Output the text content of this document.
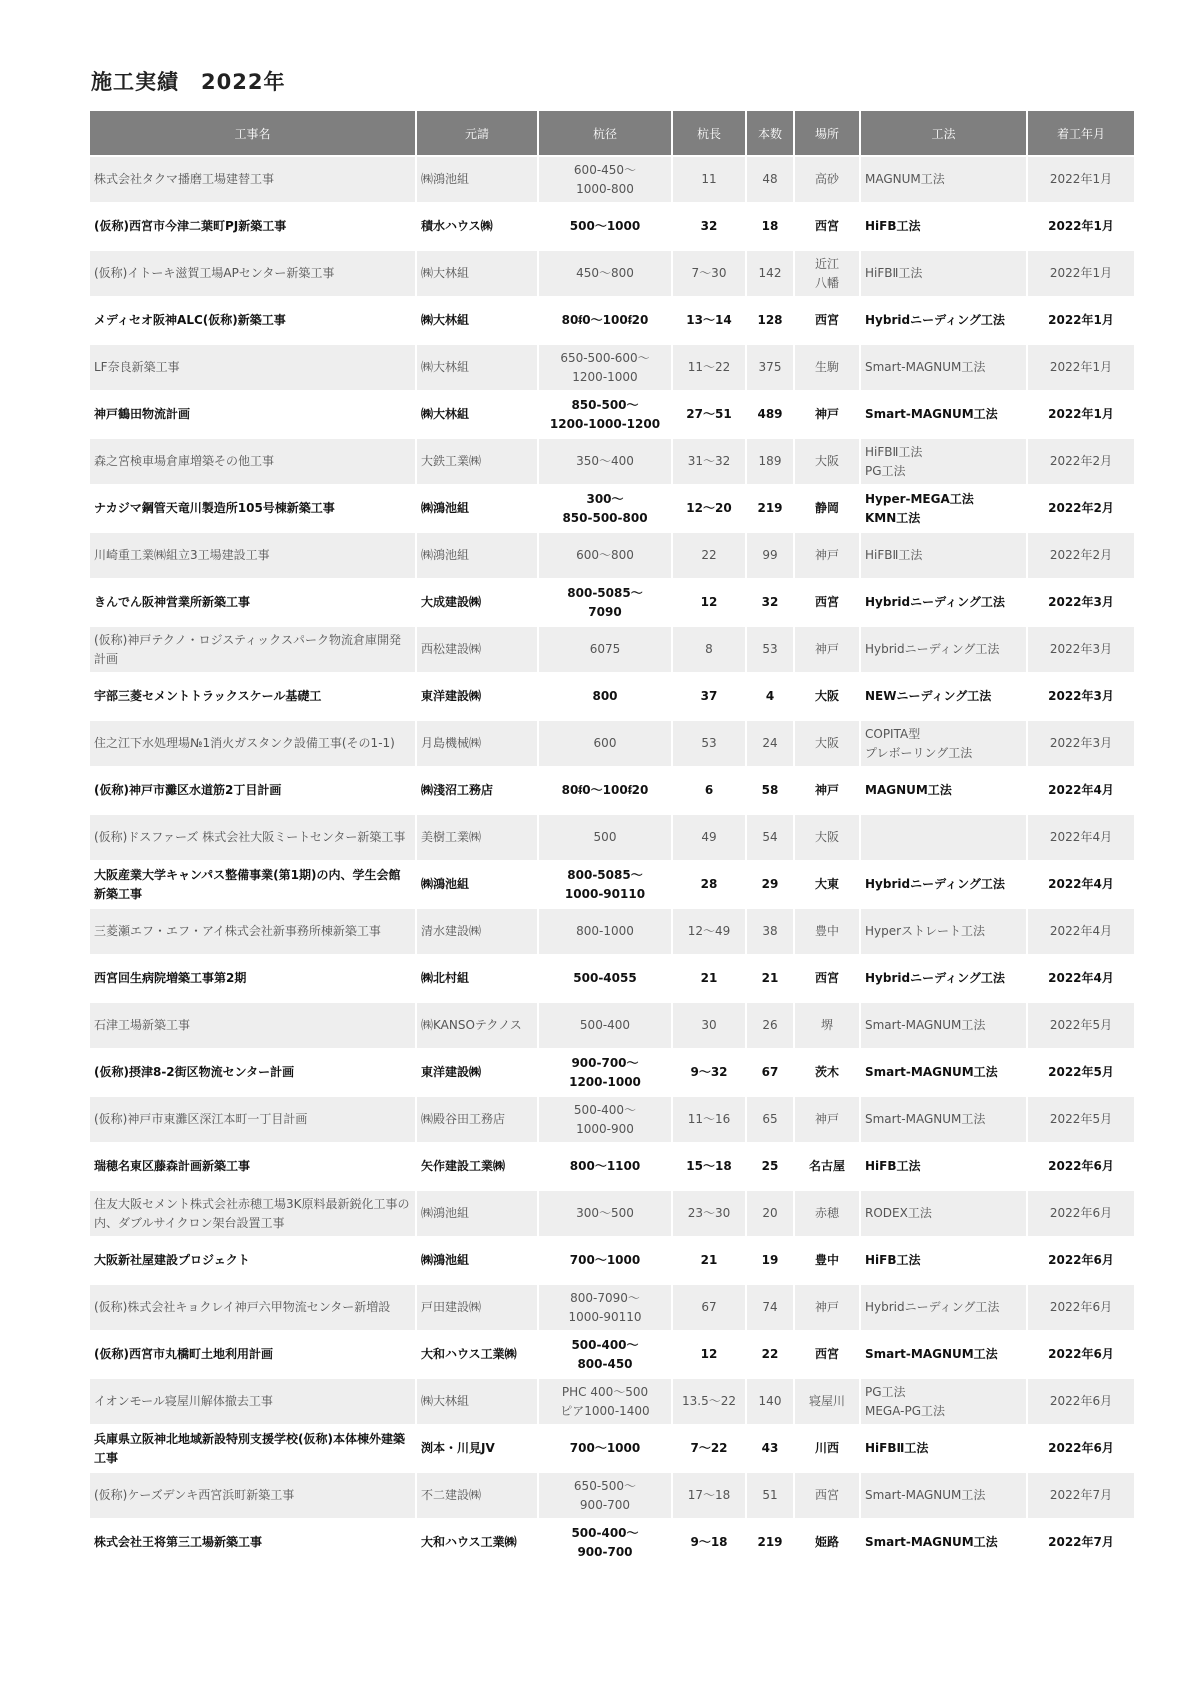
施工実績 2022年
工事名	元請	杭径	杭長	本数	場所	工法	着工年月

株式会社タクマ播磨工場建替工事	㈱鴻池組	600-450～
1000-800	11	48	高砂	MAGNUM工法	2022年1月

(仮称)西宮市今津二葉町PJ新築工事	積水ハウス㈱	500～1000	32	18	西宮	HiFB工法	2022年1月

(仮称)イトーキ滋賀工場APセンター新築工事	㈱大林組	450～800	7～30	142	近江
八幡	HiFBⅡ工法	2022年1月

メディセオ阪神ALC(仮称)新築工事	㈱大林組	80ᵮ0～100ᵮ20	13～14	128	西宮	Hybridニーディング工法	2022年1月

LF奈良新築工事	㈱大林組	650-500-600～
1200-1000	11～22	375	生駒	Smart-MAGNUM工法	2022年1月

神戸鶴田物流計画	㈱大林組	850-500～
1200-1000-1200	27～51	489	神戸	Smart-MAGNUM工法	2022年1月

森之宮検車場倉庫増築その他工事	大鉄工業㈱	350～400	31～32	189	大阪	HiFBⅡ工法
PG工法	2022年2月

ナカジマ鋼管天竜川製造所105号棟新築工事	㈱鴻池組	300～
850-500-800	12～20	219	静岡	Hyper-MEGA工法
KMN工法	2022年2月

川崎重工業㈱組立3工場建設工事	㈱鴻池組	600～800	22	99	神戸	HiFBⅡ工法	2022年2月

きんでん阪神営業所新築工事	大成建設㈱	800-5085～
7090	12	32	西宮	Hybridニーディング工法	2022年3月

(仮称)神戸テクノ・ロジスティックスパーク物流倉庫開発計画	西松建設㈱	6075	8	53	神戸	Hybridニーディング工法	2022年3月

宇部三菱セメントトラックスケール基礎工	東洋建設㈱	800	37	4	大阪	NEWニーディング工法	2022年3月

住之江下水処理場№1消火ガスタンク設備工事(その1-1)	月島機械㈱	600	53	24	大阪	COPITA型
プレボーリング工法	2022年3月

(仮称)神戸市灘区水道筋2丁目計画	㈱淺沼工務店	80ᵮ0～100ᵮ20	6	58	神戸	MAGNUM工法	2022年4月

(仮称)ドスファーズ 株式会社大阪ミートセンター新築工事	美樹工業㈱	500	49	54	大阪		2022年4月

大阪産業大学キャンパス整備事業(第1期)の内、学生会館新築工事	㈱鴻池組	800-5085～
1000-90110	28	29	大東	Hybridニーディング工法	2022年4月

三菱瀬エフ・エフ・アイ株式会社新事務所棟新築工事	清水建設㈱	800-1000	12～49	38	豊中	Hyperストレート工法	2022年4月

西宮回生病院増築工事第2期	㈱北村組	500-4055	21	21	西宮	Hybridニーディング工法	2022年4月

石津工場新築工事	㈱KANSOテクノス	500-400	30	26	堺	Smart-MAGNUM工法	2022年5月

(仮称)摂津8-2街区物流センター計画	東洋建設㈱	900-700～
1200-1000	9～32	67	茨木	Smart-MAGNUM工法	2022年5月

(仮称)神戸市東灘区深江本町一丁目計画	㈱殿谷田工務店	500-400～
1000-900	11～16	65	神戸	Smart-MAGNUM工法	2022年5月

瑞穂名東区藤森計画新築工事	矢作建設工業㈱	800～1100	15～18	25	名古屋	HiFB工法	2022年6月

住友大阪セメント株式会社赤穂工場3K原料最新鋭化工事の内、ダブルサイクロン架台設置工事	㈱鴻池組	300～500	23～30	20	赤穂	RODEX工法	2022年6月

大阪新社屋建設プロジェクト	㈱鴻池組	700～1000	21	19	豊中	HiFB工法	2022年6月

(仮称)株式会社キョクレイ神戸六甲物流センター新増設	戸田建設㈱	800-7090～
1000-90110	67	74	神戸	Hybridニーディング工法	2022年6月

(仮称)西宮市丸橋町土地利用計画	大和ハウス工業㈱	500-400～
800-450	12	22	西宮	Smart-MAGNUM工法	2022年6月

イオンモール寝屋川解体撤去工事	㈱大林組	PHC 400～500
ピア1000-1400	13.5～22	140	寝屋川	PG工法
MEGA-PG工法	2022年6月

兵庫県立阪神北地域新設特別支援学校(仮称)本体棟外建築工事	渕本・川見JV	700～1000	7～22	43	川西	HiFBⅡ工法	2022年6月

(仮称)ケーズデンキ西宮浜町新築工事	不二建設㈱	650-500～
900-700	17～18	51	西宮	Smart-MAGNUM工法	2022年7月

株式会社王将第三工場新築工事	大和ハウス工業㈱	500-400～
900-700	9～18	219	姫路	Smart-MAGNUM工法	2022年7月
